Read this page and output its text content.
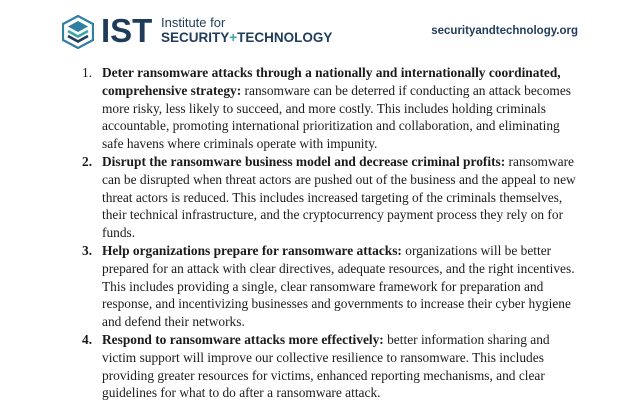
IST Institute for
SECURITY+TECHNOLOGY	securityandtechnology.org
1. Deter ransomware attacks through a nationally and internationally coordinated, comprehensive strategy: ransomware can be deterred if conducting an attack becomes more risky, less likely to succeed, and more costly. This includes holding criminals accountable, promoting international prioritization and collaboration, and eliminating safe havens where criminals operate with impunity.
2. Disrupt the ransomware business model and decrease criminal profits: ransomware can be disrupted when threat actors are pushed out of the business and the appeal to new threat actors is reduced. This includes increased targeting of the criminals themselves, their technical infrastructure, and the cryptocurrency payment process they rely on for funds.
3. Help organizations prepare for ransomware attacks: organizations will be better prepared for an attack with clear directives, adequate resources, and the right incentives. This includes providing a single, clear ransomware framework for preparation and response, and incentivizing businesses and governments to increase their cyber hygiene and defend their networks.
4. Respond to ransomware attacks more effectively: better information sharing and victim support will improve our collective resilience to ransomware. This includes providing greater resources for victims, enhanced reporting mechanisms, and clear guidelines for what to do after a ransomware attack.
